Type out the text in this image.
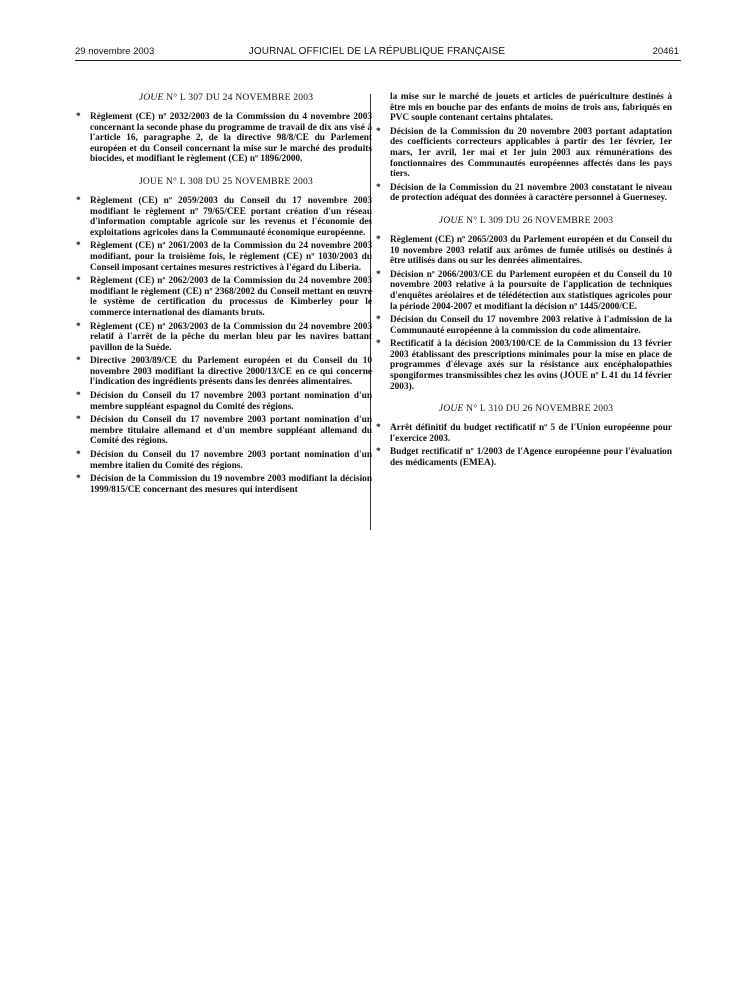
29 novembre 2003	JOURNAL OFFICIEL DE LA RÉPUBLIQUE FRANÇAISE	20461
JOUE N° L 307 DU 24 NOVEMBRE 2003
* Règlement (CE) nº 2032/2003 de la Commission du 4 novembre 2003 concernant la seconde phase du programme de travail de dix ans visé à l'article 16, paragraphe 2, de la directive 98/8/CE du Parlement européen et du Conseil concernant la mise sur le marché des produits biocides, et modifiant le règlement (CE) nº 1896/2000.
JOUE N° L 308 DU 25 NOVEMBRE 2003
* Règlement (CE) nº 2059/2003 du Conseil du 17 novembre 2003 modifiant le règlement nº 79/65/CEE portant création d'un réseau d'information comptable agricole sur les revenus et l'économie des exploitations agricoles dans la Communauté économique européenne.
* Règlement (CE) nº 2061/2003 de la Commission du 24 novembre 2003 modifiant, pour la troisième fois, le règlement (CE) nº 1030/2003 du Conseil imposant certaines mesures restrictives à l'égard du Liberia.
* Règlement (CE) nº 2062/2003 de la Commission du 24 novembre 2003 modifiant le règlement (CE) nº 2368/2002 du Conseil mettant en œuvre le système de certification du processus de Kimberley pour le commerce international des diamants bruts.
* Règlement (CE) nº 2063/2003 de la Commission du 24 novembre 2003 relatif à l'arrêt de la pêche du merlan bleu par les navires battant pavillon de la Suède.
* Directive 2003/89/CE du Parlement européen et du Conseil du 10 novembre 2003 modifiant la directive 2000/13/CE en ce qui concerne l'indication des ingrédients présents dans les denrées alimentaires.
* Décision du Conseil du 17 novembre 2003 portant nomination d'un membre suppléant espagnol du Comité des régions.
* Décision du Conseil du 17 novembre 2003 portant nomination d'un membre titulaire allemand et d'un membre suppléant allemand du Comité des régions.
* Décision du Conseil du 17 novembre 2003 portant nomination d'un membre italien du Comité des régions.
* Décision de la Commission du 19 novembre 2003 modifiant la décision 1999/815/CE concernant des mesures qui interdisent
la mise sur le marché de jouets et articles de puériculture destinés à être mis en bouche par des enfants de moins de trois ans, fabriqués en PVC souple contenant certains phtalates.
* Décision de la Commission du 20 novembre 2003 portant adaptation des coefficients correcteurs applicables à partir des 1er février, 1er mars, 1er avril, 1er mai et 1er juin 2003 aux rémunérations des fonctionnaires des Communautés européennes affectés dans les pays tiers.
* Décision de la Commission du 21 novembre 2003 constatant le niveau de protection adéquat des données à caractère personnel à Guernesey.
JOUE N° L 309 DU 26 NOVEMBRE 2003
* Règlement (CE) nº 2065/2003 du Parlement européen et du Conseil du 10 novembre 2003 relatif aux arômes de fumée utilisés ou destinés à être utilisés dans ou sur les denrées alimentaires.
* Décision nº 2066/2003/CE du Parlement européen et du Conseil du 10 novembre 2003 relative à la poursuite de l'application de techniques d'enquêtes aréolaires et de télédétection aux statistiques agricoles pour la période 2004-2007 et modifiant la décision nº 1445/2000/CE.
* Décision du Conseil du 17 novembre 2003 relative à l'admission de la Communauté européenne à la commission du code alimentaire.
* Rectificatif à la décision 2003/100/CE de la Commission du 13 février 2003 établissant des prescriptions minimales pour la mise en place de programmes d'élevage axés sur la résistance aux encéphalopathies spongiformes transmissibles chez les ovins (JOUE nº L 41 du 14 février 2003).
JOUE N° L 310 DU 26 NOVEMBRE 2003
* Arrêt définitif du budget rectificatif nº 5 de l'Union européenne pour l'exercice 2003.
* Budget rectificatif nº 1/2003 de l'Agence européenne pour l'évaluation des médicaments (EMEA).
